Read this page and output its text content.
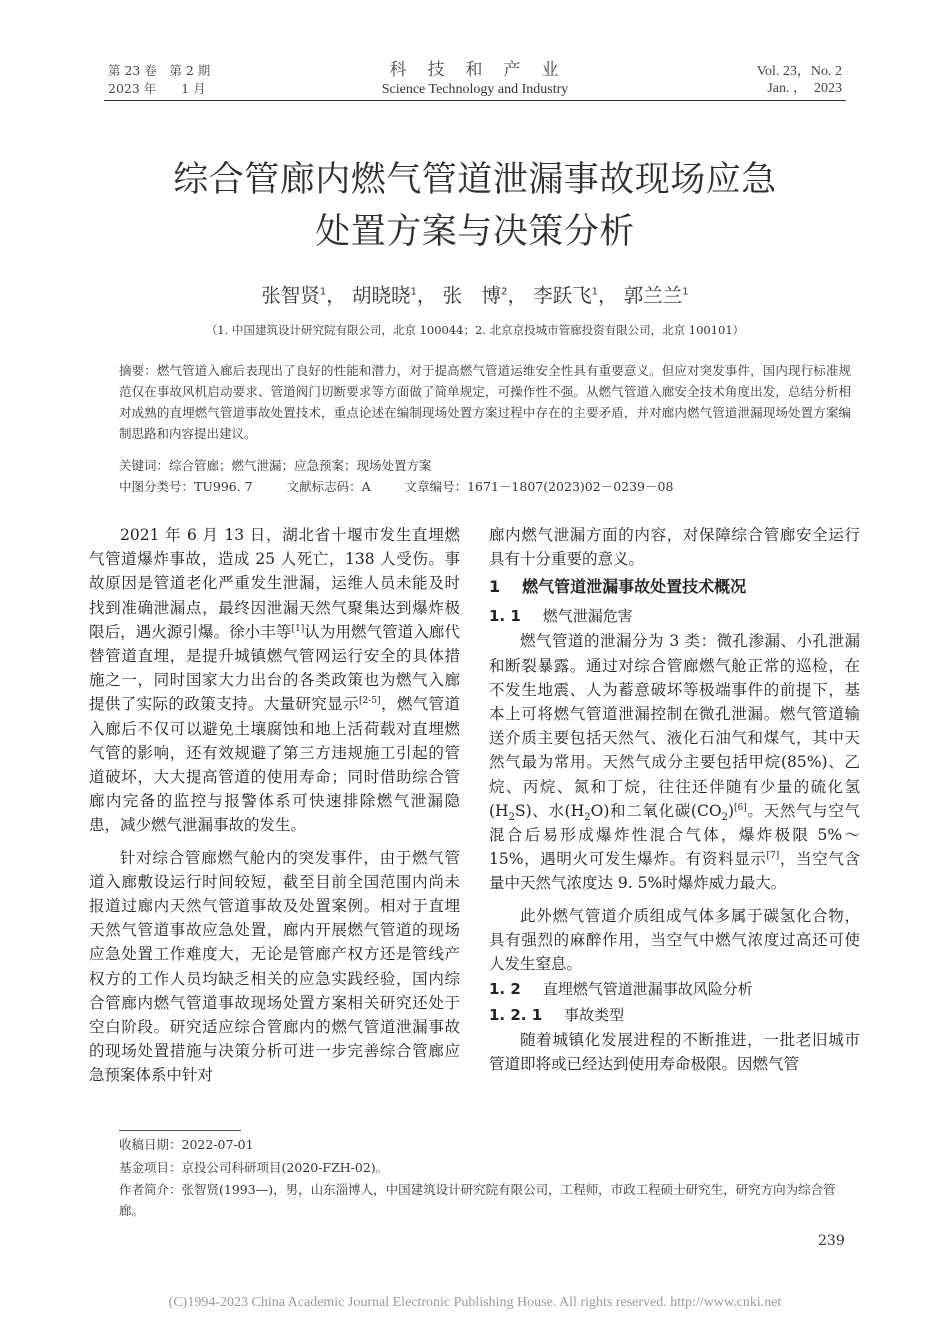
第 23 卷　第 2 期
2023 年　　1 月
科　技　和　产　业
Science Technology and Industry
Vol. 23，No. 2
Jan. ，　2023
综合管廊内燃气管道泄漏事故现场应急
处置方案与决策分析
张智贤$^1$， 胡晓晓$^1$， 张　博$^2$， 李跃飞$^1$， 郭兰兰$^1$
（1. 中国建筑设计研究院有限公司，北京 100044；2. 北京京投城市管廊投资有限公司，北京 100101）

摘要：燃气管道入廊后表现出了良好的性能和潜力，对于提高燃气管道运维安全性具有重要意义。但应对突发事件，国内现行标准规范仅在事故风机启动要求、管道阀门切断要求等方面做了简单规定，可操作性不强。从燃气管道入廊安全技术角度出发，总结分析相对成熟的直埋燃气管道事故处置技术，重点论述在编制现场处置方案过程中存在的主要矛盾，并对廊内燃气管道泄漏现场处置方案编制思路和内容提出建议。

关键词：综合管廊；燃气泄漏；应急预案；现场处置方案
中图分类号：TU996. 7	文献标志码：A	文章编号：1671－1807(2023)02－0239－08

2021 年 6 月 13 日，湖北省十堰市发生直埋燃气管道爆炸事故，造成 25 人死亡，138 人受伤。事故原因是管道老化严重发生泄漏，运维人员未能及时找到准确泄漏点，最终因泄漏天然气聚集达到爆炸极限后，遇火源引爆。徐小丰等[1]认为用燃气管道入廊代替管道直埋，是提升城镇燃气管网运行安全的具体措施之一，同时国家大力出台的各类政策也为燃气入廊提供了实际的政策支持。大量研究显示[2-5]，燃气管道入廊后不仅可以避免土壤腐蚀和地上活荷载对直埋燃气管的影响，还有效规避了第三方违规施工引起的管道破坏，大大提高管道的使用寿命；同时借助综合管廊内完备的监控与报警体系可快速排除燃气泄漏隐患，减少燃气泄漏事故的发生。

针对综合管廊燃气舱内的突发事件，由于燃气管道入廊敷设运行时间较短，截至目前全国范围内尚未报道过廊内天然气管道事故及处置案例。相对于直埋天然气管道事故应急处置，廊内开展燃气管道的现场应急处置工作难度大，无论是管廊产权方还是管线产权方的工作人员均缺乏相关的应急实践经验，国内综合管廊内燃气管道事故现场处置方案相关研究还处于空白阶段。研究适应综合管廊内的燃气管道泄漏事故的现场处置措施与决策分析可进一步完善综合管廊应急预案体系中针对

廊内燃气泄漏方面的内容，对保障综合管廊安全运行具有十分重要的意义。

1 燃气管道泄漏事故处置技术概况
1. 1 燃气泄漏危害

燃气管道的泄漏分为 3 类：微孔渗漏、小孔泄漏和断裂暴露。通过对综合管廊燃气舱正常的巡检，在不发生地震、人为蓄意破坏等极端事件的前提下，基本上可将燃气管道泄漏控制在微孔泄漏。燃气管道输送介质主要包括天然气、液化石油气和煤气，其中天然气最为常用。天然气成分主要包括甲烷(85%)、乙烷、丙烷、氮和丁烷，往往还伴随有少量的硫化氢$(H_2S)$、水$(H_2O)$和二氧化碳$(CO_2)[6]$。天然气与空气混合后易形成爆炸性混合气体，爆炸极限 5%～15%，遇明火可发生爆炸。有资料显示[7]，当空气含量中天然气浓度达 9. 5%时爆炸威力最大。

此外燃气管道介质组成气体多属于碳氢化合物，具有强烈的麻醉作用，当空气中燃气浓度过高还可使人发生窒息。

1. 2 直埋燃气管道泄漏事故风险分析
1. 2. 1 事故类型

随着城镇化发展进程的不断推进，一批老旧城市管道即将或已经达到使用寿命极限。因燃气管

收稿日期：2022-07-01

基金项目：京投公司科研项目(2020-FZH-02)。

作者简介：张智贤(1993—)，男，山东淄博人，中国建筑设计研究院有限公司，工程师，市政工程硕士研究生，研究方向为综合管廊。

239
(C)1994-2023 China Academic Journal Electronic Publishing House. All rights reserved. http://www.cnki.net
